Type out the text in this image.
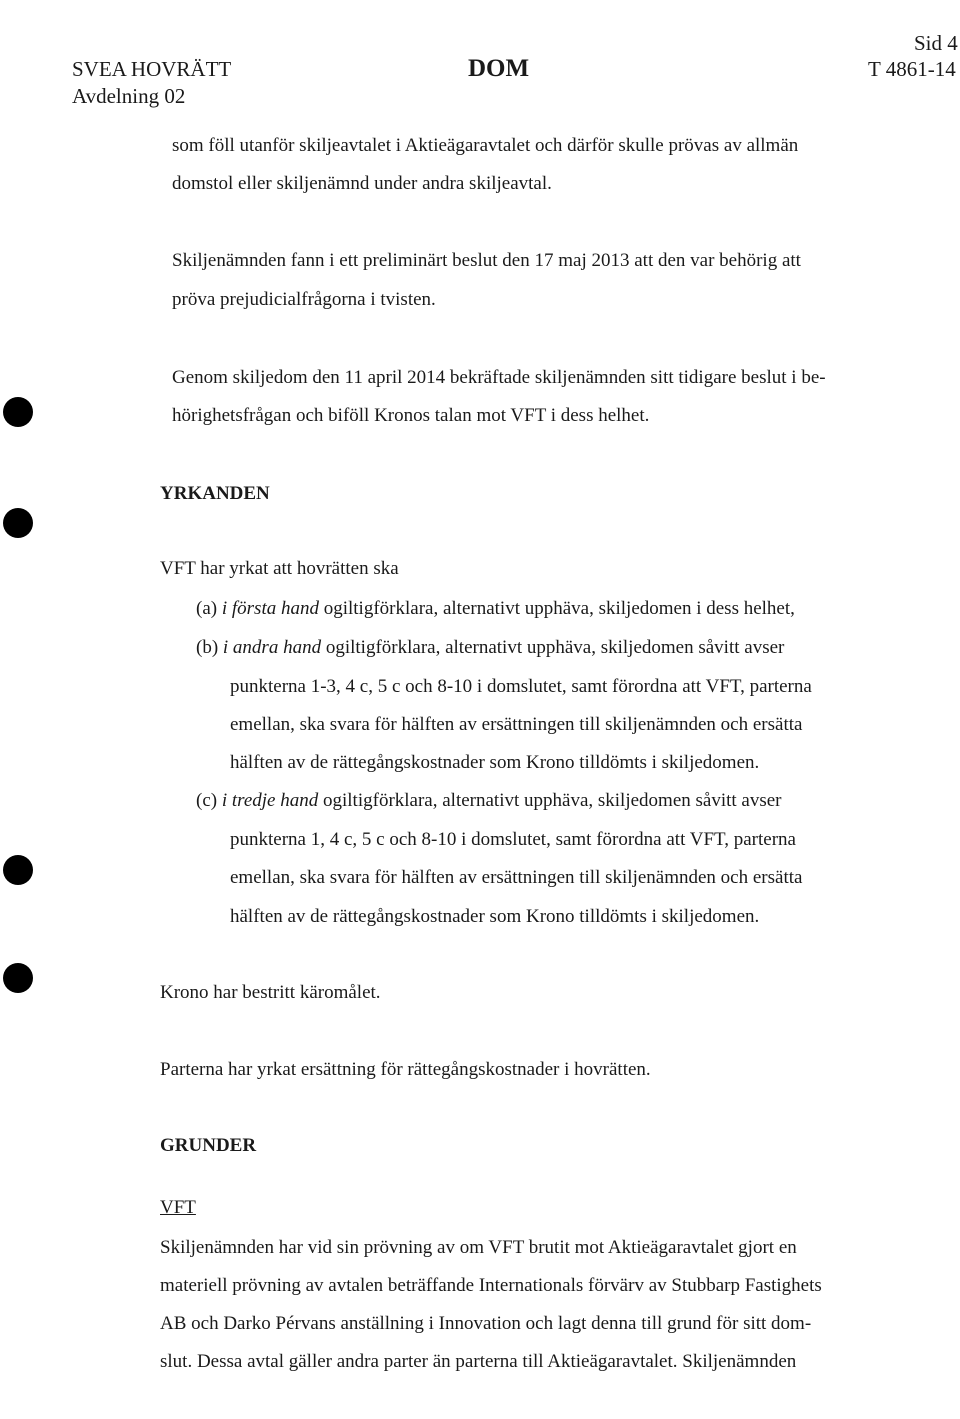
SVEA HOVRÄTT
Avdelning 02
DOM
Sid 4
T 4861-14
som föll utanför skiljeavtalet i Aktieägaravtalet och därför skulle prövas av allmän
domstol eller skiljenämnd under andra skiljeavtal.
Skiljenämnden fann i ett preliminärt beslut den 17 maj 2013 att den var behörig att
pröva prejudicialfrågorna i tvisten.
Genom skiljedom den 11 april 2014 bekräftade skiljenämnden sitt tidigare beslut i be-
hörighetsfrågan och biföll Kronos talan mot VFT i dess helhet.
YRKANDEN
VFT har yrkat att hovrätten ska
(a) i första hand ogiltigförklara, alternativt upphäva, skiljedomen i dess helhet,
(b) i andra hand ogiltigförklara, alternativt upphäva, skiljedomen såvitt avser
punkterna 1-3, 4 c, 5 c och 8-10 i domslutet, samt förordna att VFT, parterna
emellan, ska svara för hälften av ersättningen till skiljenämnden och ersätta
hälften av de rättegångskostnader som Krono tilldömts i skiljedomen.
(c) i tredje hand ogiltigförklara, alternativt upphäva, skiljedomen såvitt avser
punkterna 1, 4 c, 5 c och 8-10 i domslutet, samt förordna att VFT, parterna
emellan, ska svara för hälften av ersättningen till skiljenämnden och ersätta
hälften av de rättegångskostnader som Krono tilldömts i skiljedomen.
Krono har bestritt käromålet.
Parterna har yrkat ersättning för rättegångskostnader i hovrätten.
GRUNDER
VFT
Skiljenämnden har vid sin prövning av om VFT brutit mot Aktieägaravtalet gjort en
materiell prövning av avtalen beträffande Internationals förvärv av Stubbarp Fastighets
AB och Darko Pérvans anställning i Innovation och lagt denna till grund för sitt dom-
slut. Dessa avtal gäller andra parter än parterna till Aktieägaravtalet. Skiljenämnden
